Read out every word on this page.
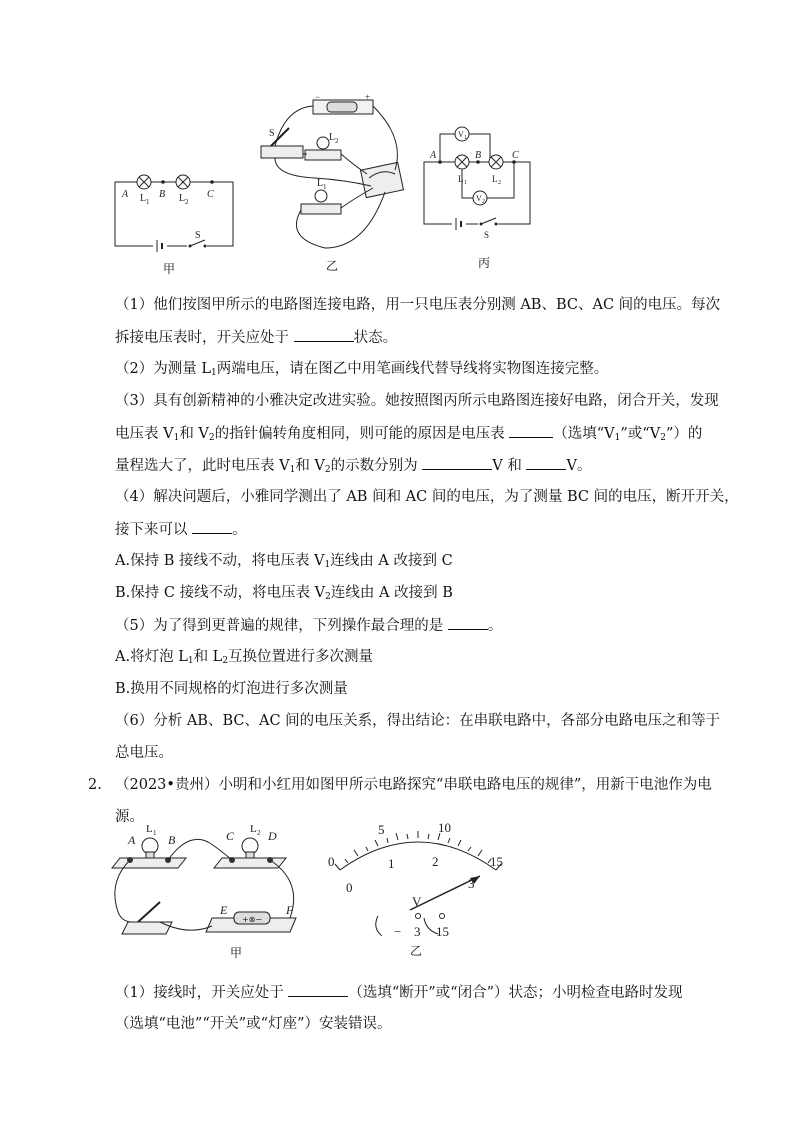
A	B	C
L 1	L 2
S
甲
−	+
S	L 2
L 1
乙
V 1
V 2
A	B	C
L 1	L 2
S
丙
（1）他们按图甲所示的电路图连接电路，用一只电压表分别测 AB、BC、AC 间的电压。每次
拆接电压表时，开关应处于	状态。
（2）为测量 $L_1$两端电压，请在图乙中用笔画线代替导线将实物图连接完整。
（3）具有创新精神的小雅决定改进实验。她按照图丙所示电路图连接好电路，闭合开关，发现
电压表 $V_1$和 $V_2$的指针偏转角度相同，则可能的原因是电压表	（选填“$V_1$”或“$V_2$”）的
量程选大了，此时电压表 $V_1$和 $V_2$的示数分别为	V 和	V。
（4）解决问题后，小雅同学测出了 AB 间和 AC 间的电压，为了测量 BC 间的电压，断开开关，
接下来可以	。
A.保持 B 接线不动，将电压表 $V_1$连线由 A 改接到 C
B.保持 C 接线不动，将电压表 $V_2$连线由 A 改接到 B
（5）为了得到更普遍的规律，下列操作最合理的是	。
A.将灯泡 $L_1$和 $L_2$互换位置进行多次测量
B.换用不同规格的灯泡进行多次测量
（6）分析 AB、BC、AC 间的电压关系，得出结论：在串联电路中，各部分电路电压之和等于
总电压。
2. （2023•贵州）小明和小红用如图甲所示电路探究“串联电路电压的规律”，用新干电池作为电
源。
+⊗−
A	B	C	D
E	F
L 1	L 2
甲
0
5	10
15
0
1	2
3
V
− 3 15
乙
（1）接线时，开关应处于	（选填“断开”或“闭合”）状态；小明检查电路时发现
（选填“电池”“开关”或“灯座”）安装错误。
